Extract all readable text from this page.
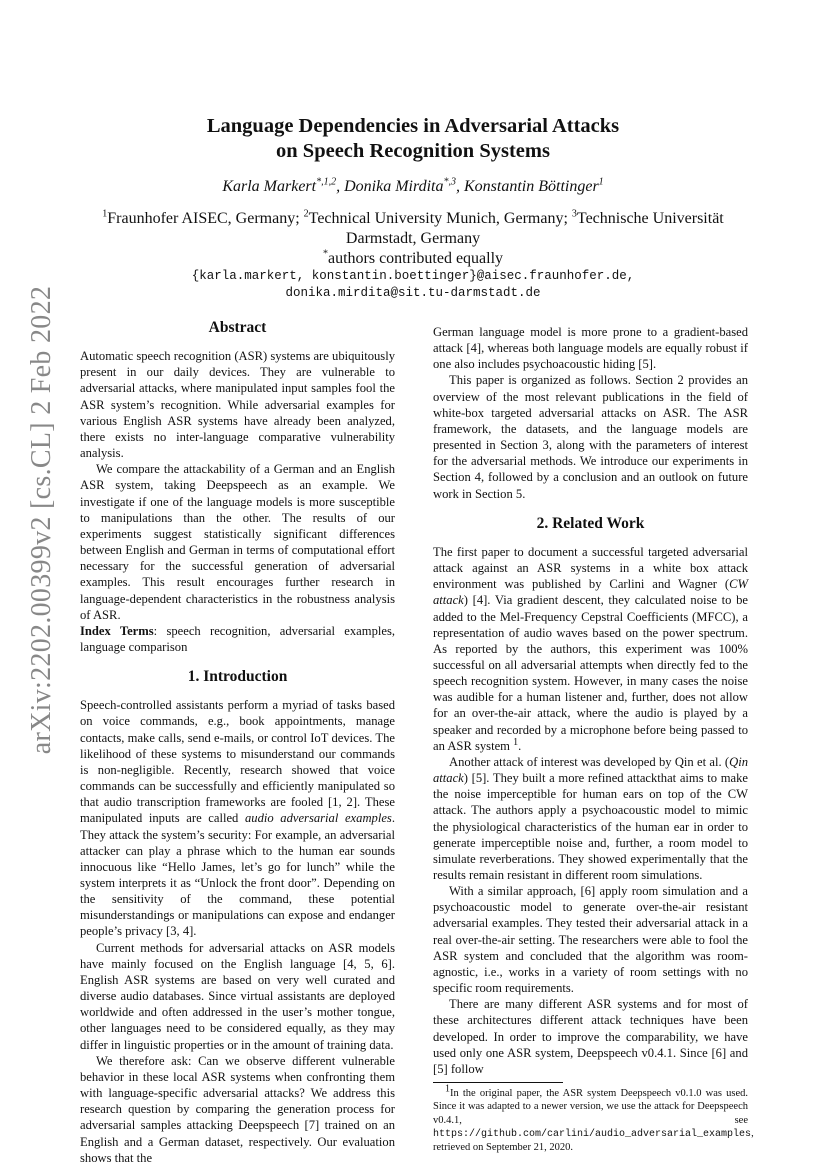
arXiv:2202.00399v2 [cs.CL] 2 Feb 2022
Language Dependencies in Adversarial Attacks
on Speech Recognition Systems
Karla Markert$^{*,1,2}$, Donika Mirdita$^{*,3}$, Konstantin Böttinger$^1$
$^1$Fraunhofer AISEC, Germany; $^2$Technical University Munich, Germany; $^3$Technische Universität Darmstadt, Germany
*authors contributed equally
{karla.markert, konstantin.boettinger}@aisec.fraunhofer.de,
donika.mirdita@sit.tu-darmstadt.de
Abstract

Automatic speech recognition (ASR) systems are ubiquitously present in our daily devices. They are vulnerable to adversarial attacks, where manipulated input samples fool the ASR system’s recognition. While adversarial examples for various English ASR systems have already been analyzed, there exists no inter-language comparative vulnerability analysis.

We compare the attackability of a German and an English ASR system, taking Deepspeech as an example. We investigate if one of the language models is more susceptible to manipulations than the other. The results of our experiments suggest statistically significant differences between English and German in terms of computational effort necessary for the successful generation of adversarial examples. This result encourages further research in language-dependent characteristics in the robustness analysis of ASR.

Index Terms: speech recognition, adversarial examples, language comparison

1. Introduction

Speech-controlled assistants perform a myriad of tasks based on voice commands, e.g., book appointments, manage contacts, make calls, send e-mails, or control IoT devices. The likelihood of these systems to misunderstand our commands is non-negligible. Recently, research showed that voice commands can be successfully and efficiently manipulated so that audio transcription frameworks are fooled [1, 2]. These manipulated inputs are called audio adversarial examples. They attack the system’s security: For example, an adversarial attacker can play a phrase which to the human ear sounds innocuous like “Hello James, let’s go for lunch” while the system interprets it as “Unlock the front door”. Depending on the sensitivity of the command, these potential misunderstandings or manipulations can expose and endanger people’s privacy [3, 4].

Current methods for adversarial attacks on ASR models have mainly focused on the English language [4, 5, 6]. English ASR systems are based on very well curated and diverse audio databases. Since virtual assistants are deployed worldwide and often addressed in the user’s mother tongue, other languages need to be considered equally, as they may differ in linguistic properties or in the amount of training data.

We therefore ask: Can we observe different vulnerable behavior in these local ASR systems when confronting them with language-specific adversarial attacks? We address this research question by comparing the generation process for adversarial samples attacking Deepspeech [7] trained on an English and a German dataset, respectively. Our evaluation shows that the

German language model is more prone to a gradient-based attack [4], whereas both language models are equally robust if one also includes psychoacoustic hiding [5].

This paper is organized as follows. Section 2 provides an overview of the most relevant publications in the field of white-box targeted adversarial attacks on ASR. The ASR framework, the datasets, and the language models are presented in Section 3, along with the parameters of interest for the adversarial methods. We introduce our experiments in Section 4, followed by a conclusion and an outlook on future work in Section 5.

2. Related Work

The first paper to document a successful targeted adversarial attack against an ASR systems in a white box attack environment was published by Carlini and Wagner (CW attack) [4]. Via gradient descent, they calculated noise to be added to the Mel-Frequency Cepstral Coefficients (MFCC), a representation of audio waves based on the power spectrum. As reported by the authors, this experiment was 100% successful on all adversarial attempts when directly fed to the speech recognition system. However, in many cases the noise was audible for a human listener and, further, does not allow for an over-the-air attack, where the audio is played by a speaker and recorded by a microphone before being passed to an ASR system $^1$.

Another attack of interest was developed by Qin et al. (Qin attack) [5]. They built a more refined attackthat aims to make the noise imperceptible for human ears on top of the CW attack. The authors apply a psychoacoustic model to mimic the physiological characteristics of the human ear in order to generate imperceptible noise and, further, a room model to simulate reverberations. They showed experimentally that the results remain resistant in different room simulations.

With a similar approach, [6] apply room simulation and a psychoacoustic model to generate over-the-air resistant adversarial examples. They tested their adversarial attack in a real over-the-air setting. The researchers were able to fool the ASR system and concluded that the algorithm was room-agnostic, i.e., works in a variety of room settings with no specific room requirements.

There are many different ASR systems and for most of these architectures different attack techniques have been developed. In order to improve the comparability, we have used only one ASR system, Deepspeech v0.4.1. Since [6] and [5] follow

$^1$In the original paper, the ASR system Deepspeech v0.1.0 was used. Since it was adapted to a newer version, we use the attack for Deepspeech v0.4.1, see https://github.com/carlini/audio_adversarial_examples, retrieved on September 21, 2020.
